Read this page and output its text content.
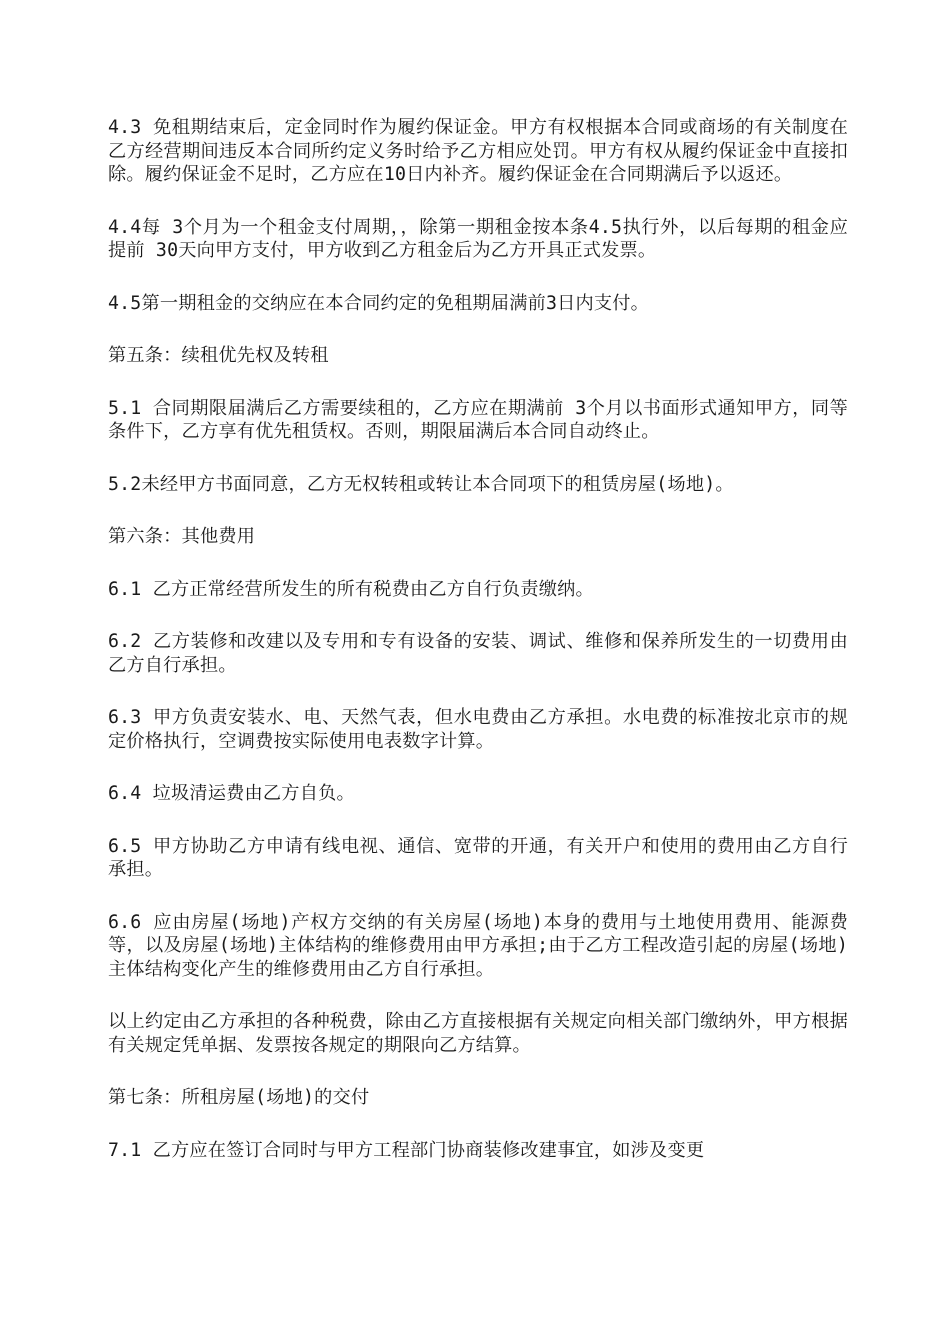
4.3 免租期结束后，定金同时作为履约保证金。甲方有权根据本合同或商场的有关制度在乙方经营期间违反本合同所约定义务时给予乙方相应处罚。甲方有权从履约保证金中直接扣除。履约保证金不足时，乙方应在10日内补齐。履约保证金在合同期满后予以返还。

4.4每 3个月为一个租金支付周期，，除第一期租金按本条4.5执行外，以后每期的租金应提前 30天向甲方支付，甲方收到乙方租金后为乙方开具正式发票。

4.5第一期租金的交纳应在本合同约定的免租期届满前3日内支付。

第五条：续租优先权及转租

5.1 合同期限届满后乙方需要续租的，乙方应在期满前 3个月以书面形式通知甲方，同等条件下，乙方享有优先租赁权。否则，期限届满后本合同自动终止。

5.2未经甲方书面同意，乙方无权转租或转让本合同项下的租赁房屋(场地)。

第六条：其他费用

6.1 乙方正常经营所发生的所有税费由乙方自行负责缴纳。

6.2 乙方装修和改建以及专用和专有设备的安装、调试、维修和保养所发生的一切费用由乙方自行承担。

6.3 甲方负责安装水、电、天然气表，但水电费由乙方承担。水电费的标准按北京市的规定价格执行，空调费按实际使用电表数字计算。

6.4 垃圾清运费由乙方自负。

6.5 甲方协助乙方申请有线电视、通信、宽带的开通，有关开户和使用的费用由乙方自行承担。

6.6 应由房屋(场地)产权方交纳的有关房屋(场地)本身的费用与土地使用费用、能源费等，以及房屋(场地)主体结构的维修费用由甲方承担;由于乙方工程改造引起的房屋(场地)主体结构变化产生的维修费用由乙方自行承担。

以上约定由乙方承担的各种税费，除由乙方直接根据有关规定向相关部门缴纳外，甲方根据有关规定凭单据、发票按各规定的期限向乙方结算。

第七条：所租房屋(场地)的交付

7.1 乙方应在签订合同时与甲方工程部门协商装修改建事宜，如涉及变更
